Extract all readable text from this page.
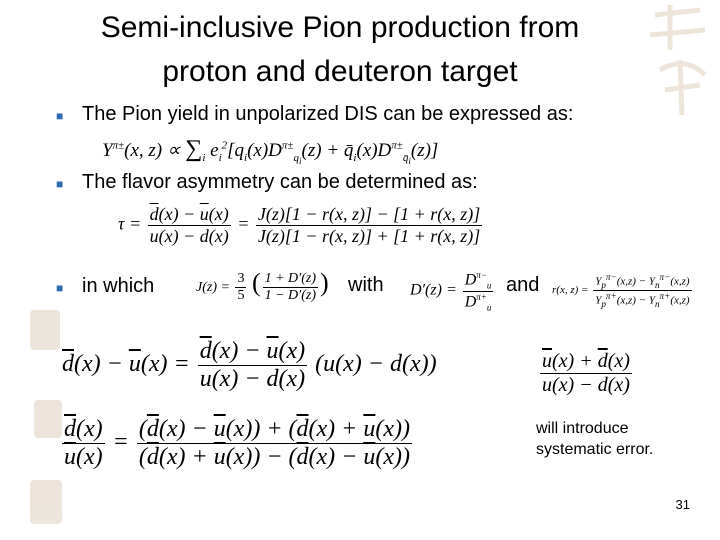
Semi-inclusive Pion production from
proton and deuteron target
■ The Pion yield in unpolarized DIS can be expressed as:
$Y^{\pi\pm}(x$, $z) \propto \sum_i$ $e_i^2[q_i(x)D^{\pi\pm}_{q_i}(z)$ + $q̄_i(x)D^{\pi\pm}_{q̄_i}(z)$]
■ The flavor asymmetry can be determined as:
$\tau = \frac{\overline{d}(x) - \overline{u}(x)}{u(x) - d(x)} = \frac{J(z)[1 - r(x, z)] - [1 + r(x, z)]}{J(z)[1 - r(x, z)] + [1 + r(x, z)]}$
■ in which	$J(z) = \frac{3}{5}$ ( $\frac{1 + D'(z)}{1 - D'(z)}$ ) with $D'(z) = \frac{D^{\pi-}_u}{D^{\pi+}_u}$ and r(x, $z) = \frac{Y_p^{\pi-}(x,z) - Y_n^{\pi-}(x,z)}{Y_p^{\pi+}(x,z) - Y_n^{\pi+}(x,z)}$
$\overline{d}(x) - \overline{u}(x) = \frac{\overline{d}(x) - \overline{u}(x)}{u(x) - d(x)} (u(x) - d(x))$
$\frac{\overline{d}(x)}{\overline{u}(x)} = \frac{(\overline{d}(x) - \overline{u}(x)) + (\overline{d}(x) + \overline{u}(x))}{(\overline{d}(x) + \overline{u}(x)) - (\overline{d}(x) - \overline{u}(x))}$
$\frac{\overline{u}(x) + \overline{d}(x)}{u(x) - d(x)}$
will introduce
systematic error.
31
